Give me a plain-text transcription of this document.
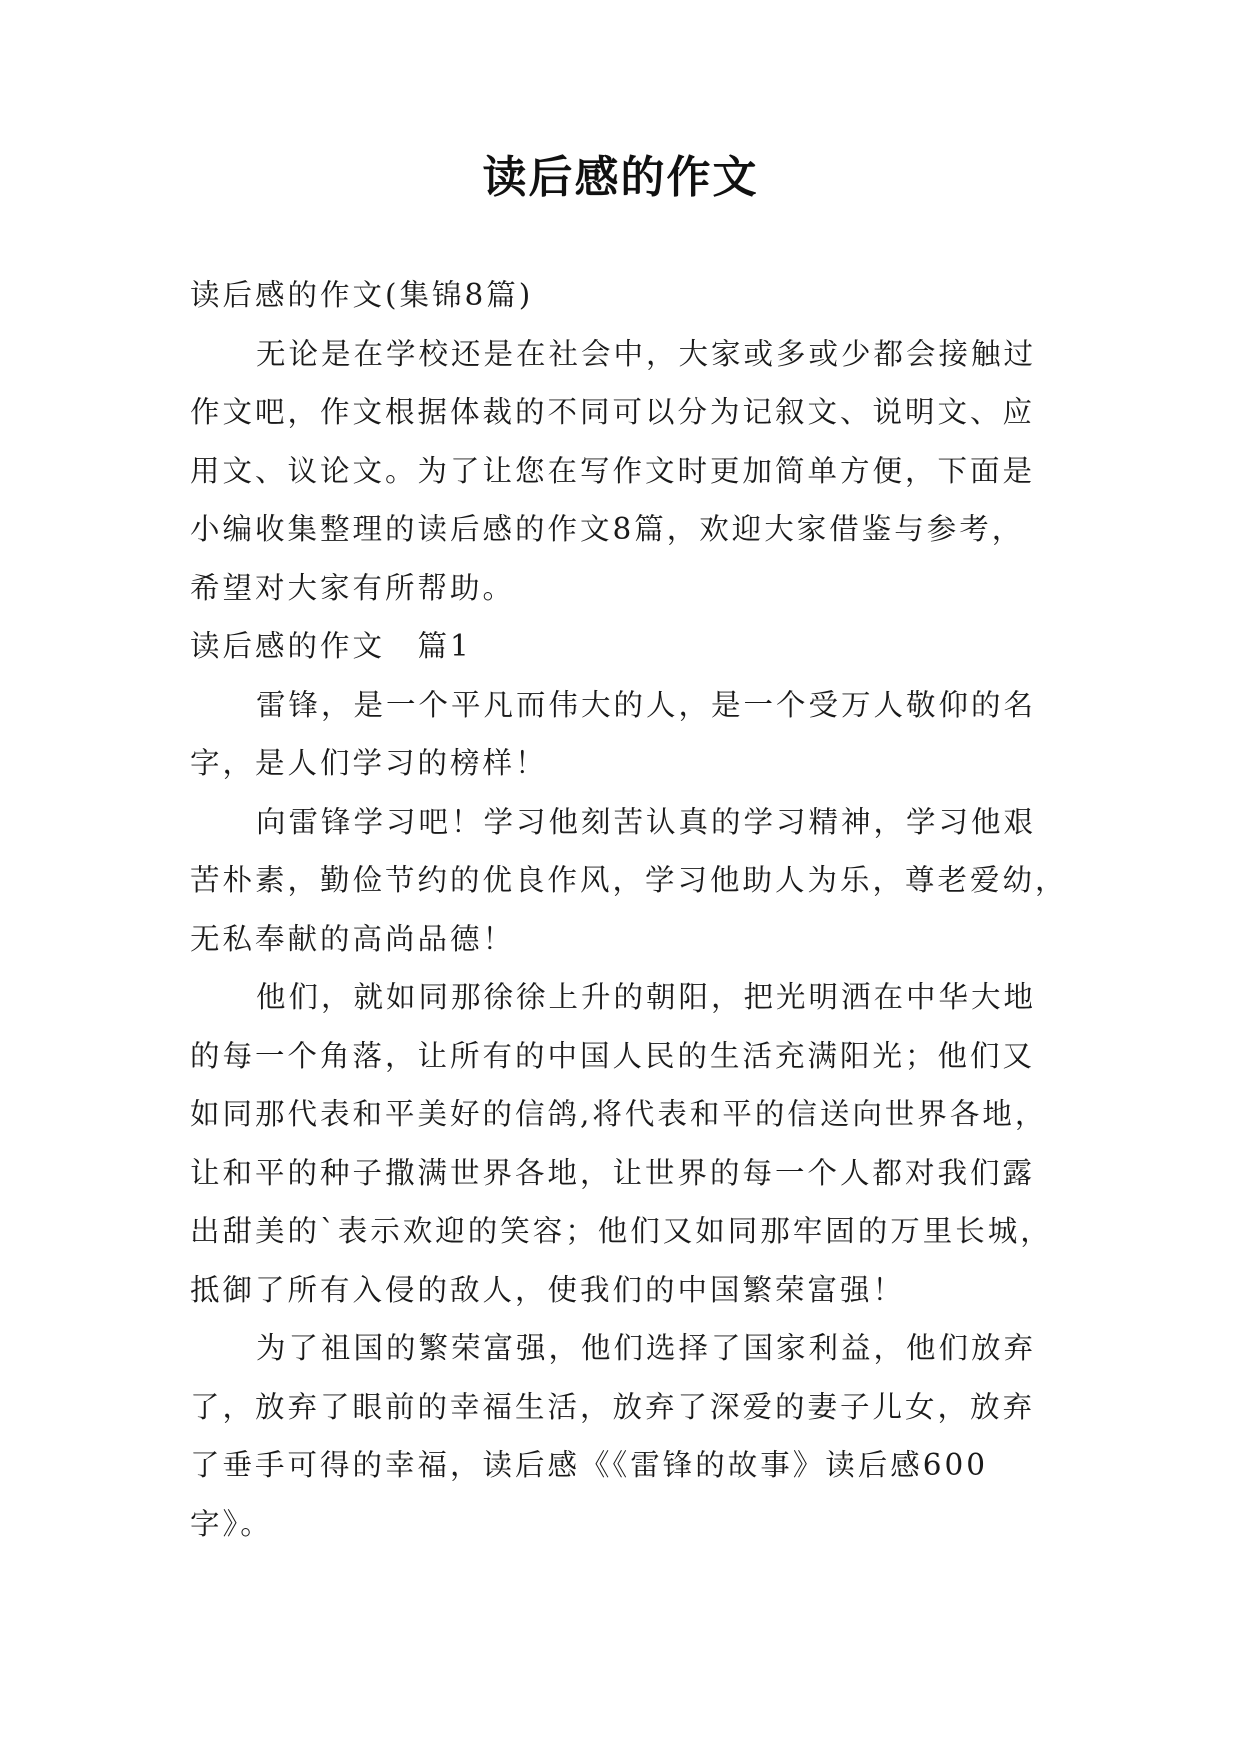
读后感的作文
读后感的作文(集锦8篇)
无论是在学校还是在社会中，大家或多或少都会接触过
作文吧，作文根据体裁的不同可以分为记叙文、说明文、应
用文、议论文。为了让您在写作文时更加简单方便，下面是
小编收集整理的读后感的作文8篇，欢迎大家借鉴与参考，
希望对大家有所帮助。
读后感的作文　篇1
雷锋，是一个平凡而伟大的人，是一个受万人敬仰的名
字，是人们学习的榜样！
向雷锋学习吧！学习他刻苦认真的学习精神，学习他艰
苦朴素，勤俭节约的优良作风，学习他助人为乐，尊老爱幼，
无私奉献的高尚品德！
他们，就如同那徐徐上升的朝阳，把光明洒在中华大地
的每一个角落，让所有的中国人民的生活充满阳光；他们又
如同那代表和平美好的信鸽,将代表和平的信送向世界各地，
让和平的种子撒满世界各地，让世界的每一个人都对我们露
出甜美的`表示欢迎的笑容；他们又如同那牢固的万里长城，
抵御了所有入侵的敌人，使我们的中国繁荣富强！
为了祖国的繁荣富强，他们选择了国家利益，他们放弃
了，放弃了眼前的幸福生活，放弃了深爱的妻子儿女，放弃
了垂手可得的幸福，读后感《《雷锋的故事》读后感600
字》。
